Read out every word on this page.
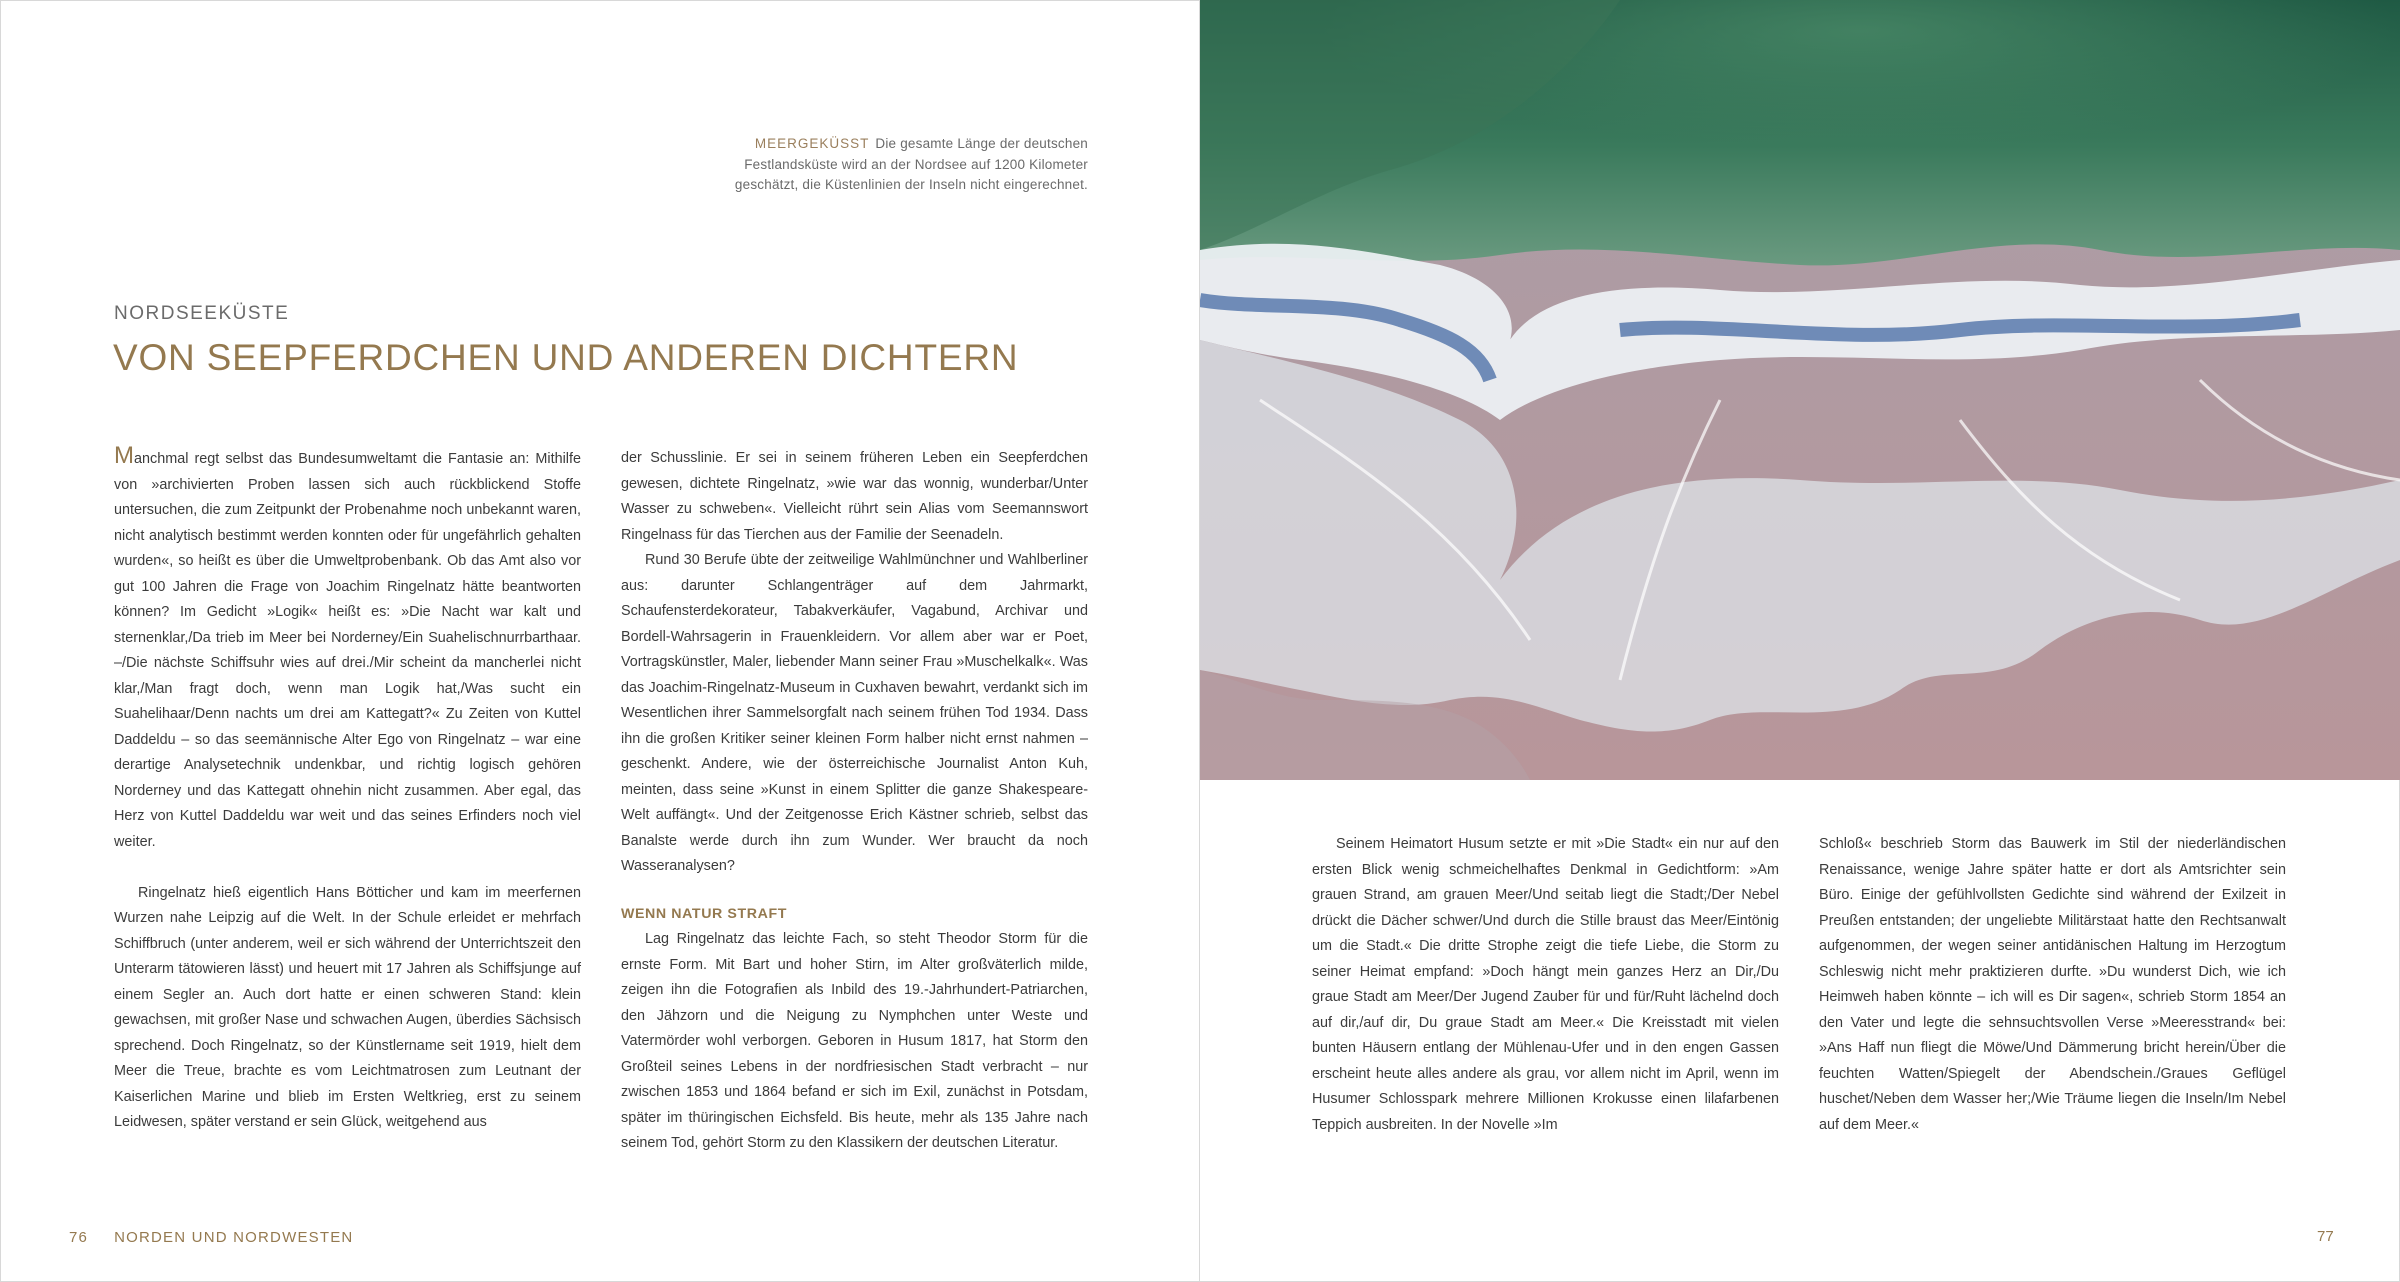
MEERGEKÜSST Die gesamte Länge der deutschen Festlandsküste wird an der Nordsee auf 1200 Kilometer geschätzt, die Küstenlinien der Inseln nicht eingerechnet.
NORDSEEKÜSTE
VON SEEPFERDCHEN UND ANDEREN DICHTERN

Manchmal regt selbst das Bundesumweltamt die Fantasie an: Mithilfe von »archivierten Proben lassen sich auch rückblickend Stoffe untersuchen, die zum Zeitpunkt der Probenahme noch unbekannt waren, nicht analytisch bestimmt werden konnten oder für ungefährlich gehalten wurden«, so heißt es über die Umweltprobenbank. Ob das Amt also vor gut 100 Jahren die Frage von Joachim Ringelnatz hätte beantworten können? Im Gedicht »Logik« heißt es: »Die Nacht war kalt und sternenklar,/Da trieb im Meer bei Norderney/Ein Suahelischnurrbarthaar. –/Die nächste Schiffsuhr wies auf drei./Mir scheint da mancherlei nicht klar,/Man fragt doch, wenn man Logik hat,/Was sucht ein Suahelihaar/Denn nachts um drei am Kattegatt?« Zu Zeiten von Kuttel Daddeldu – so das seemännische Alter Ego von Ringelnatz – war eine derartige Analysetechnik undenkbar, und richtig logisch gehören Norderney und das Kattegatt ohnehin nicht zusammen. Aber egal, das Herz von Kuttel Daddeldu war weit und das seines Erfinders noch viel weiter.

Ringelnatz hieß eigentlich Hans Bötticher und kam im meerfernen Wurzen nahe Leipzig auf die Welt. In der Schule erleidet er mehrfach Schiffbruch (unter anderem, weil er sich während der Unterrichtszeit den Unterarm tätowieren lässt) und heuert mit 17 Jahren als Schiffsjunge auf einem Segler an. Auch dort hatte er einen schweren Stand: klein gewachsen, mit großer Nase und schwachen Augen, überdies Sächsisch sprechend. Doch Ringelnatz, so der Künstlername seit 1919, hielt dem Meer die Treue, brachte es vom Leichtmatrosen zum Leutnant der Kaiserlichen Marine und blieb im Ersten Weltkrieg, erst zu seinem Leidwesen, später verstand er sein Glück, weitgehend aus

der Schusslinie. Er sei in seinem früheren Leben ein Seepferdchen gewesen, dichtete Ringelnatz, »wie war das wonnig, wunderbar/Unter Wasser zu schweben«. Vielleicht rührt sein Alias vom Seemannswort Ringelnass für das Tierchen aus der Familie der Seenadeln.

Rund 30 Berufe übte der zeitweilige Wahlmünchner und Wahlberliner aus: darunter Schlangenträger auf dem Jahrmarkt, Schaufensterdekorateur, Tabakverkäufer, Vagabund, Archivar und Bordell-Wahrsagerin in Frauenkleidern. Vor allem aber war er Poet, Vortragskünstler, Maler, liebender Mann seiner Frau »Muschelkalk«. Was das Joachim-Ringelnatz-Museum in Cuxhaven bewahrt, verdankt sich im Wesentlichen ihrer Sammelsorgfalt nach seinem frühen Tod 1934. Dass ihn die großen Kritiker seiner kleinen Form halber nicht ernst nahmen – geschenkt. Andere, wie der österreichische Journalist Anton Kuh, meinten, dass seine »Kunst in einem Splitter die ganze Shakespeare-Welt auffängt«. Und der Zeitgenosse Erich Kästner schrieb, selbst das Banalste werde durch ihn zum Wunder. Wer braucht da noch Wasseranalysen?

WENN NATUR STRAFT

Lag Ringelnatz das leichte Fach, so steht Theodor Storm für die ernste Form. Mit Bart und hoher Stirn, im Alter großväterlich milde, zeigen ihn die Fotografien als Inbild des 19.-Jahrhundert-Patriarchen, den Jähzorn und die Neigung zu Nymphchen unter Weste und Vatermörder wohl verborgen. Geboren in Husum 1817, hat Storm den Großteil seines Lebens in der nordfriesischen Stadt verbracht – nur zwischen 1853 und 1864 befand er sich im Exil, zunächst in Potsdam, später im thüringischen Eichsfeld. Bis heute, mehr als 135 Jahre nach seinem Tod, gehört Storm zu den Klassikern der deutschen Literatur.

76 NORDEN UND NORDWESTEN

Seinem Heimatort Husum setzte er mit »Die Stadt« ein nur auf den ersten Blick wenig schmeichelhaftes Denkmal in Gedichtform: »Am grauen Strand, am grauen Meer/Und seitab liegt die Stadt;/Der Nebel drückt die Dächer schwer/Und durch die Stille braust das Meer/Eintönig um die Stadt.« Die dritte Strophe zeigt die tiefe Liebe, die Storm zu seiner Heimat empfand: »Doch hängt mein ganzes Herz an Dir,/Du graue Stadt am Meer/Der Jugend Zauber für und für/Ruht lächelnd doch auf dir,/auf dir, Du graue Stadt am Meer.« Die Kreisstadt mit vielen bunten Häusern entlang der Mühlenau-Ufer und in den engen Gassen erscheint heute alles andere als grau, vor allem nicht im April, wenn im Husumer Schlosspark mehrere Millionen Krokusse einen lilafarbenen Teppich ausbreiten. In der Novelle »Im

Schloß« beschrieb Storm das Bauwerk im Stil der niederländischen Renaissance, wenige Jahre später hatte er dort als Amtsrichter sein Büro. Einige der gefühlvollsten Gedichte sind während der Exilzeit in Preußen entstanden; der ungeliebte Militärstaat hatte den Rechtsanwalt aufgenommen, der wegen seiner antidänischen Haltung im Herzogtum Schleswig nicht mehr praktizieren durfte. »Du wunderst Dich, wie ich Heimweh haben könnte – ich will es Dir sagen«, schrieb Storm 1854 an den Vater und legte die sehnsuchtsvollen Verse »Meeresstrand« bei: »Ans Haff nun fliegt die Möwe/Und Dämmerung bricht herein/Über die feuchten Watten/Spiegelt der Abendschein./Graues Geflügel huschet/Neben dem Wasser her;/Wie Träume liegen die Inseln/Im Nebel auf dem Meer.«

77
